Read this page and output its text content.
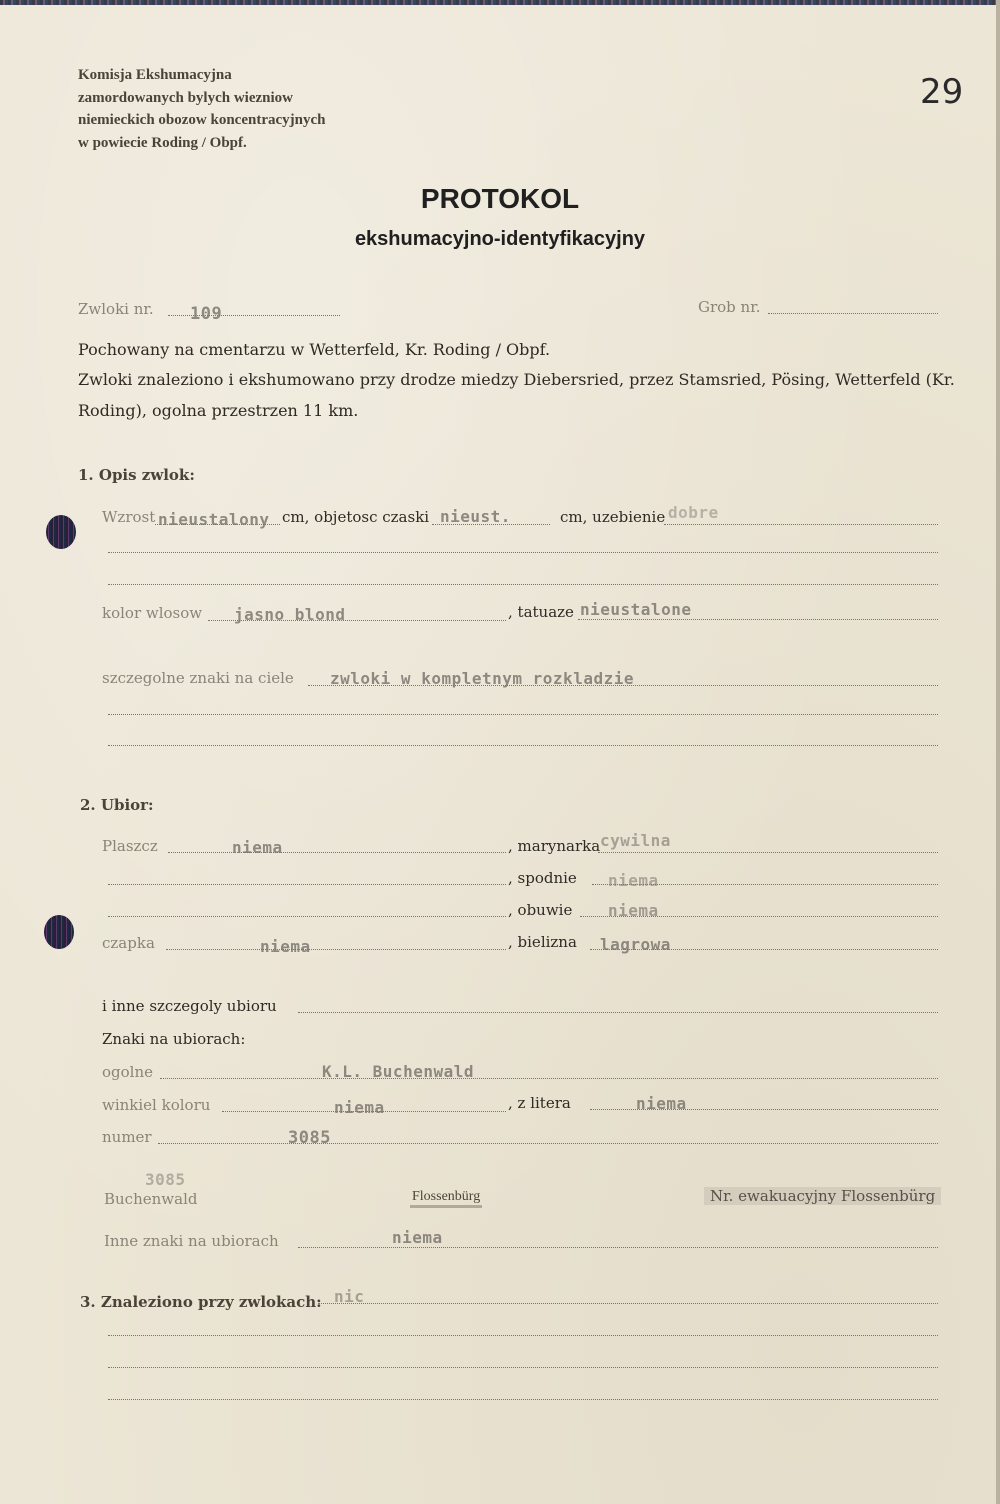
Komisja Ekshumacyjna
zamordowanych bylych wiezniow
niemieckich obozow koncentracyjnych
w powiecie Roding / Obpf.
29
PROTOKOL
ekshumacyjno-identyfikacyjny
Zwloki nr. 109	Grob nr.
Pochowany na cmentarzu w Wetterfeld, Kr. Roding / Obpf.
Zwloki znaleziono i ekshumowano przy drodze miedzy Diebersried, przez Stamsried, Pösing, Wetterfeld (Kr.
Roding), ogolna przestrzen 11 km.
1. Opis zwlok:
Wzrost nieustalony cm, objetosc czaski nieust.	cm, uzebienie dobre
kolor wlosow jasno blond	, tatuaze nieustalone
szczegolne znaki na ciele zwloki w kompletnym rozkladzie
2. Ubior:
Plaszcz	niema	, marynarka cywilna
, spodnie niema
, obuwie niema
czapka	niema	, bielizna lagrowa
i inne szczegoly ubioru
Znaki na ubiorach:
ogolne	K.L. Buchenwald
winkiel koloru	niema	, z litera	niema
numer	3085
3085
Buchenwald	Flossenbürg	Nr. ewakuacyjny Flossenbürg
Inne znaki na ubiorach	niema
3. Znaleziono przy zwlokach: nic
